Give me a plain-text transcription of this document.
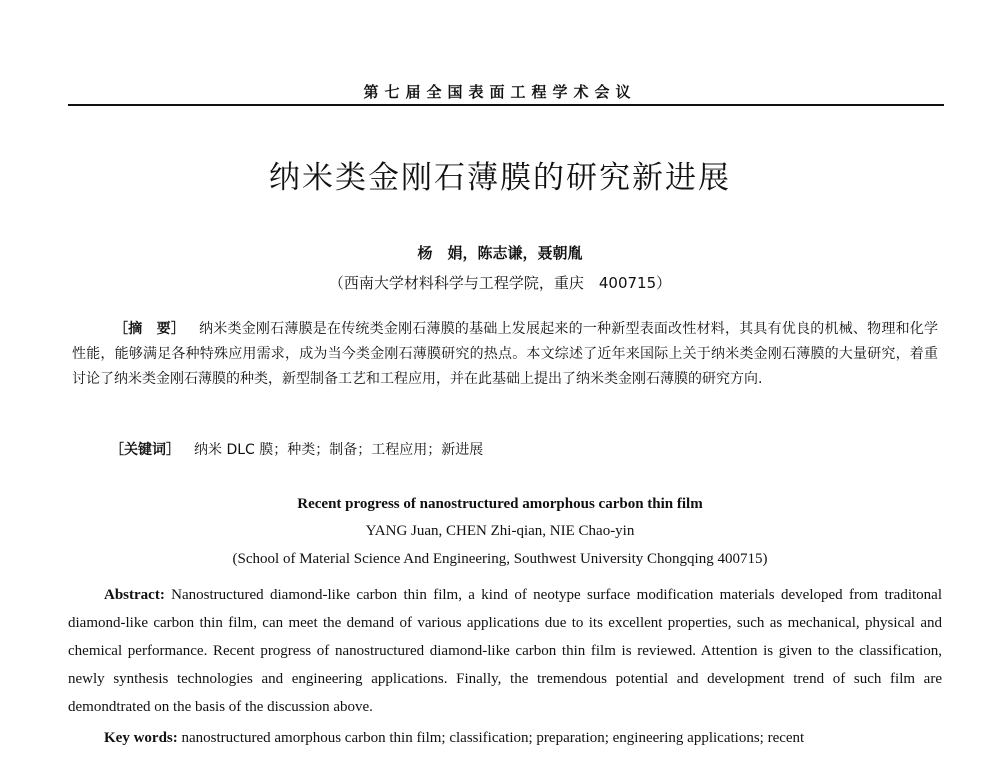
第七届全国表面工程学术会议
纳米类金刚石薄膜的研究新进展
杨　娟，陈志谦，聂朝胤
（西南大学材料科学与工程学院，重庆　400715）
［摘　要］ 纳米类金刚石薄膜是在传统类金刚石薄膜的基础上发展起来的一种新型表面改性材料，其具有优良的机械、物理和化学性能，能够满足各种特殊应用需求，成为当今类金刚石薄膜研究的热点。本文综述了近年来国际上关于纳米类金刚石薄膜的大量研究，着重讨论了纳米类金刚石薄膜的种类，新型制备工艺和工程应用，并在此基础上提出了纳米类金刚石薄膜的研究方向.
［关键词］ 纳米 DLC 膜；种类；制备；工程应用；新进展
Recent progress of nanostructured amorphous carbon thin film
YANG Juan, CHEN Zhi-qian, NIE Chao-yin
(School of Material Science And Engineering, Southwest University Chongqing 400715)
Abstract: Nanostructured diamond-like carbon thin film, a kind of neotype surface modification materials developed from traditonal diamond-like carbon thin film, can meet the demand of various applications due to its excellent properties, such as mechanical, physical and chemical performance. Recent progress of nanostructured diamond-like carbon thin film is reviewed. Attention is given to the classification, newly synthesis technologies and engineering applications. Finally, the tremendous potential and development trend of such film are demondtrated on the basis of the discussion above.
Key words: nanostructured amorphous carbon thin film; classification; preparation; engineering applications; recent
